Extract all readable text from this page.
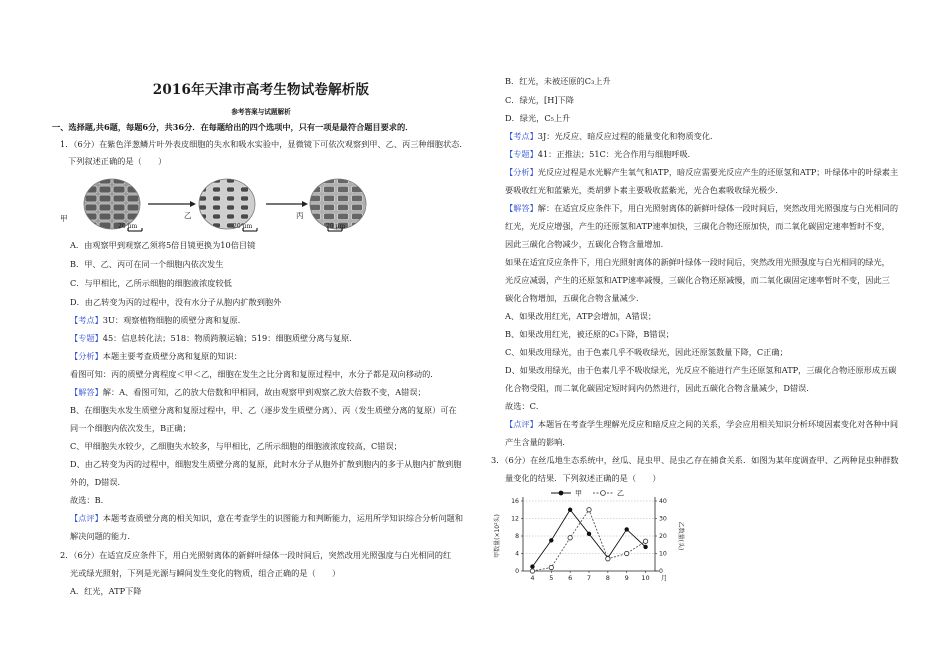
2016年天津市高考生物试卷解析版
参考答案与试题解析
一、选择题,共6题，每题6分，共36分．在每题给出的四个选项中，只有一项是最符合题目要求的．
1．（6分）在紫色洋葱鳞片叶外表皮细胞的失水和吸水实验中，显微镜下可依次观察到甲、乙、丙三种细胞状态．
下列叙述正确的是（　　）
甲
20 μm
乙
20 μm
丙
20 μm
A．由观察甲到观察乙须将5倍目镜更换为10倍目镜
B．甲、乙、丙可在同一个细胞内依次发生
C．与甲相比，乙所示细胞的细胞液浓度较低
D．由乙转变为丙的过程中，没有水分子从胞内扩散到胞外
【考点】3U：观察植物细胞的质壁分离和复原．
【专题】45：信息转化法；518：物质跨膜运输；519：细胞质壁分离与复原．
【分析】本题主要考查质壁分离和复原的知识：
看图可知：丙的质壁分离程度＜甲＜乙，细胞在发生之比分离和复原过程中，水分子都是双向移动的．
【解答】解：A、看图可知，乙的放大倍数和甲相同，故由观察甲到观察乙放大倍数不变，A错误；
B、在细胞失水发生质壁分离和复原过程中，甲、乙（逐步发生质壁分离）、丙（发生质壁分离的复原）可在
同一个细胞内依次发生，B正确；
C、甲细胞失水较少，乙细胞失水较多，与甲相比，乙所示细胞的细胞液浓度较高，C错误；
D、由乙转变为丙的过程中，细胞发生质壁分离的复原，此时水分子从胞外扩散到胞内的多于从胞内扩散到胞
外的，D错误．
故选：B．
【点评】本题考查质壁分离的相关知识，意在考查学生的识图能力和判断能力，运用所学知识综合分析问题和
解决问题的能力．
2．（6分）在适宜反应条件下，用白光照射离体的新鲜叶绿体一段时间后，突然改用光照强度与白光相同的红
光或绿光照射，下列是光源与瞬间发生变化的物质，组合正确的是（　　）
A．红光，ATP下降
B．红光，未被还原的C₃上升
C．绿光，[H]下降
D．绿光，C₅上升
【考点】3J：光反应、暗反应过程的能量变化和物质变化．
【专题】41：正推法；51C：光合作用与细胞呼吸．
【分析】光反应过程是水光解产生氧气和ATP，暗反应需要光反应产生的还原氢和ATP；叶绿体中的叶绿素主
要吸收红光和蓝紫光，类胡萝卜素主要吸收蓝紫光，光合色素吸收绿光极少．
【解答】解：在适宜反应条件下，用白光照射离体的新鲜叶绿体一段时间后，突然改用光照强度与白光相同的
红光，光反应增强，产生的还原氢和ATP速率加快，三碳化合物还原加快，而二氧化碳固定速率暂时不变，
因此三碳化合物减少，五碳化合物含量增加．
如果在适宜反应条件下，用白光照射离体的新鲜叶绿体一段时间后，突然改用光照强度与白光相同的绿光，
光反应减弱，产生的还原氢和ATP速率减慢，三碳化合物还原减慢，而二氧化碳固定速率暂时不变，因此三
碳化合物增加，五碳化合物含量减少．
A、如果改用红光，ATP会增加，A错误；
B、如果改用红光，被还原的C₃下降，B错误；
C、如果改用绿光，由于色素几乎不吸收绿光，因此还原氢数量下降，C正确；
D、如果改用绿光，由于色素几乎不吸收绿光，光反应不能进行产生还原氢和ATP，三碳化合物还原形成五碳
化合物受阻，而二氧化碳固定短时间内仍然进行，因此五碳化合物含量减少，D错误．
故选：C．
【点评】本题旨在考查学生理解光反应和暗反应之间的关系，学会应用相关知识分析环境因素变化对各种中间
产生含量的影响．
3．（6分）在丝瓜地生态系统中，丝瓜、昆虫甲、昆虫乙存在捕食关系．如图为某年度调查甲、乙两种昆虫种群数
量变化的结果．下列叙述正确的是（　　）
0
4
8
12
16
0
10
20
30
40
4 5 6 7 8 9 10 月
甲数量(×10²头)	乙数量(头)
甲	乙
